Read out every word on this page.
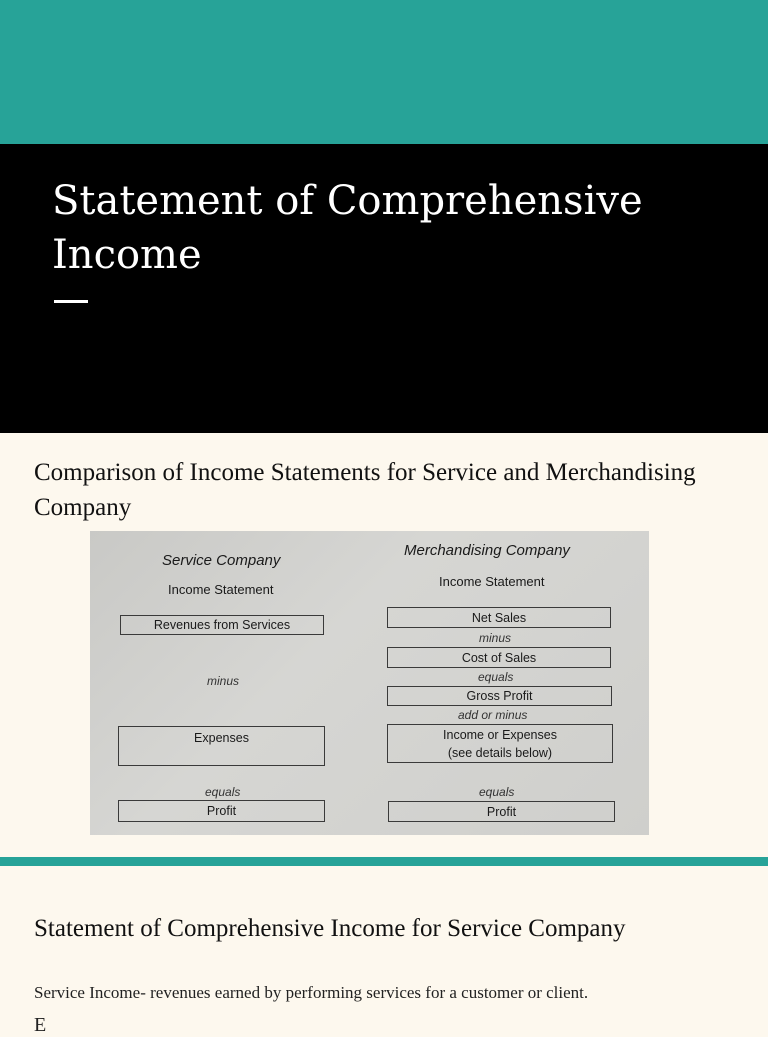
Statement of Comprehensive Income
Comparison of Income Statements for Service and Merchandising Company
Service Company
Income Statement
Revenues from Services
minus
Expenses
equals
Profit
Merchandising Company
Income Statement
Net Sales
minus
Cost of Sales
equals
Gross Profit
add or minus
Income or Expenses
(see details below)
equals
Profit
Statement of Comprehensive Income for Service Company

Service Income- revenues earned by performing services for a customer or client.

E
